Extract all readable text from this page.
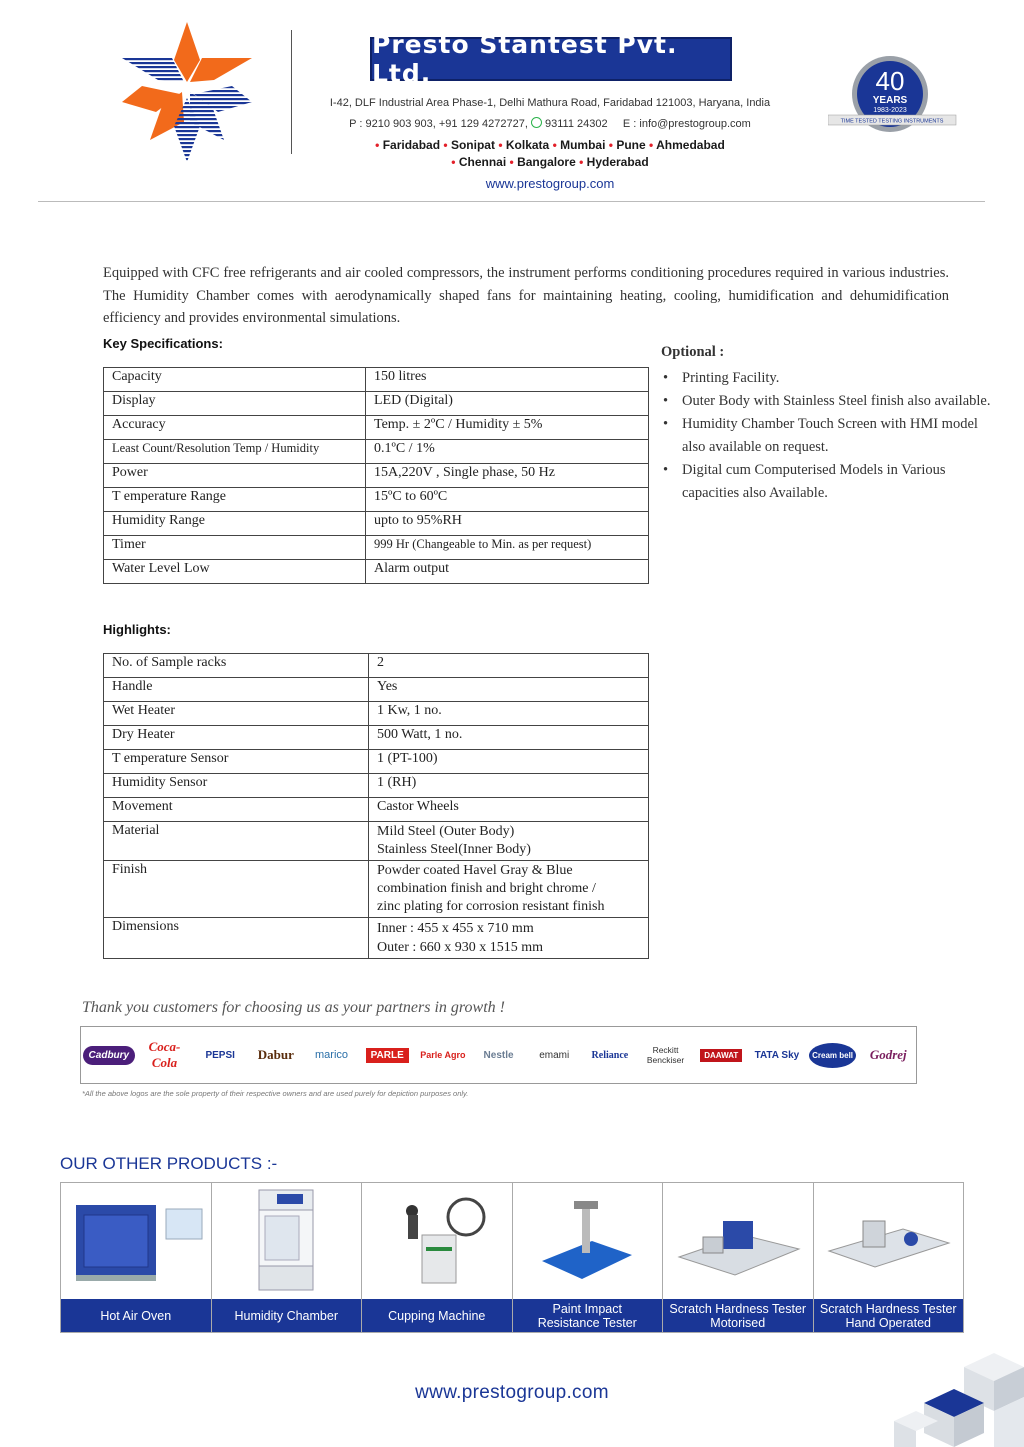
Presto Stantest Pvt. Ltd.
I-42, DLF Industrial Area Phase-1, Delhi Mathura Road, Faridabad 121003, Haryana, India
P : 9210 903 903, +91 129 4272727, 93111 24302 E : info@prestogroup.com
• Faridabad • Sonipat • Kolkata • Mumbai • Pune • Ahmedabad
• Chennai • Bangalore • Hyderabad
www.prestogroup.com
40
YEARS
1983-2023
TIME TESTED TESTING INSTRUMENTS

Equipped with CFC free refrigerants and air cooled compressors, the instrument performs conditioning procedures required in various industries. The Humidity Chamber comes with aerodynamically shaped fans for maintaining heating, cooling, humidification and dehumidification efficiency and provides environmental simulations.

Key Specifications:
Capacity	150 litres
Display	LED (Digital)
Accuracy	Temp. ± 2ºC / Humidity ± 5%
Least Count/Resolution Temp / Humidity	0.1ºC / 1%
Power	15A,220V , Single phase, 50 Hz
T emperature Range	15ºC to 60ºC
Humidity Range	upto to 95%RH
Timer	999 Hr (Changeable to Min. as per request)
Water Level Low	Alarm output
Optional :
• Printing Facility.
• Outer Body with Stainless Steel finish also available.
• Humidity Chamber Touch Screen with HMI model also available on request.
• Digital cum Computerised Models in Various capacities also Available.
Highlights:
No. of Sample racks	2
Handle	Yes
Wet Heater	1 Kw, 1 no.
Dry Heater	500 Watt, 1 no.
T emperature Sensor	1 (PT-100)
Humidity Sensor	1 (RH)
Movement	Castor Wheels
Material	Mild Steel (Outer Body)
Stainless Steel(Inner Body)

Finish	Powder coated Havel Gray & Blue
combination finish and bright chrome /
zinc plating for corrosion resistant finish

Dimensions	Inner : 455 x 455 x 710 mm
Outer : 660 x 930 x 1515 mm
Thank you customers for choosing us as your partners in growth !
Cadbury
Coca-Cola	PEPSI Dabur marico	PARLE	Parle Agro Nestle	emami Reliance	Reckitt Benckiser	DAAWAT	TATA Sky	Cream bell Godrej
*All the above logos are the sole property of their respective owners and are used purely for depiction purposes only.
OUR OTHER PRODUCTS :-
Hot Air Oven	Humidity Chamber	Cupping Machine	Paint Impact
Resistance Tester
Scratch Hardness Tester
Motorised
Scratch Hardness Tester
Hand Operated
www.prestogroup.com
